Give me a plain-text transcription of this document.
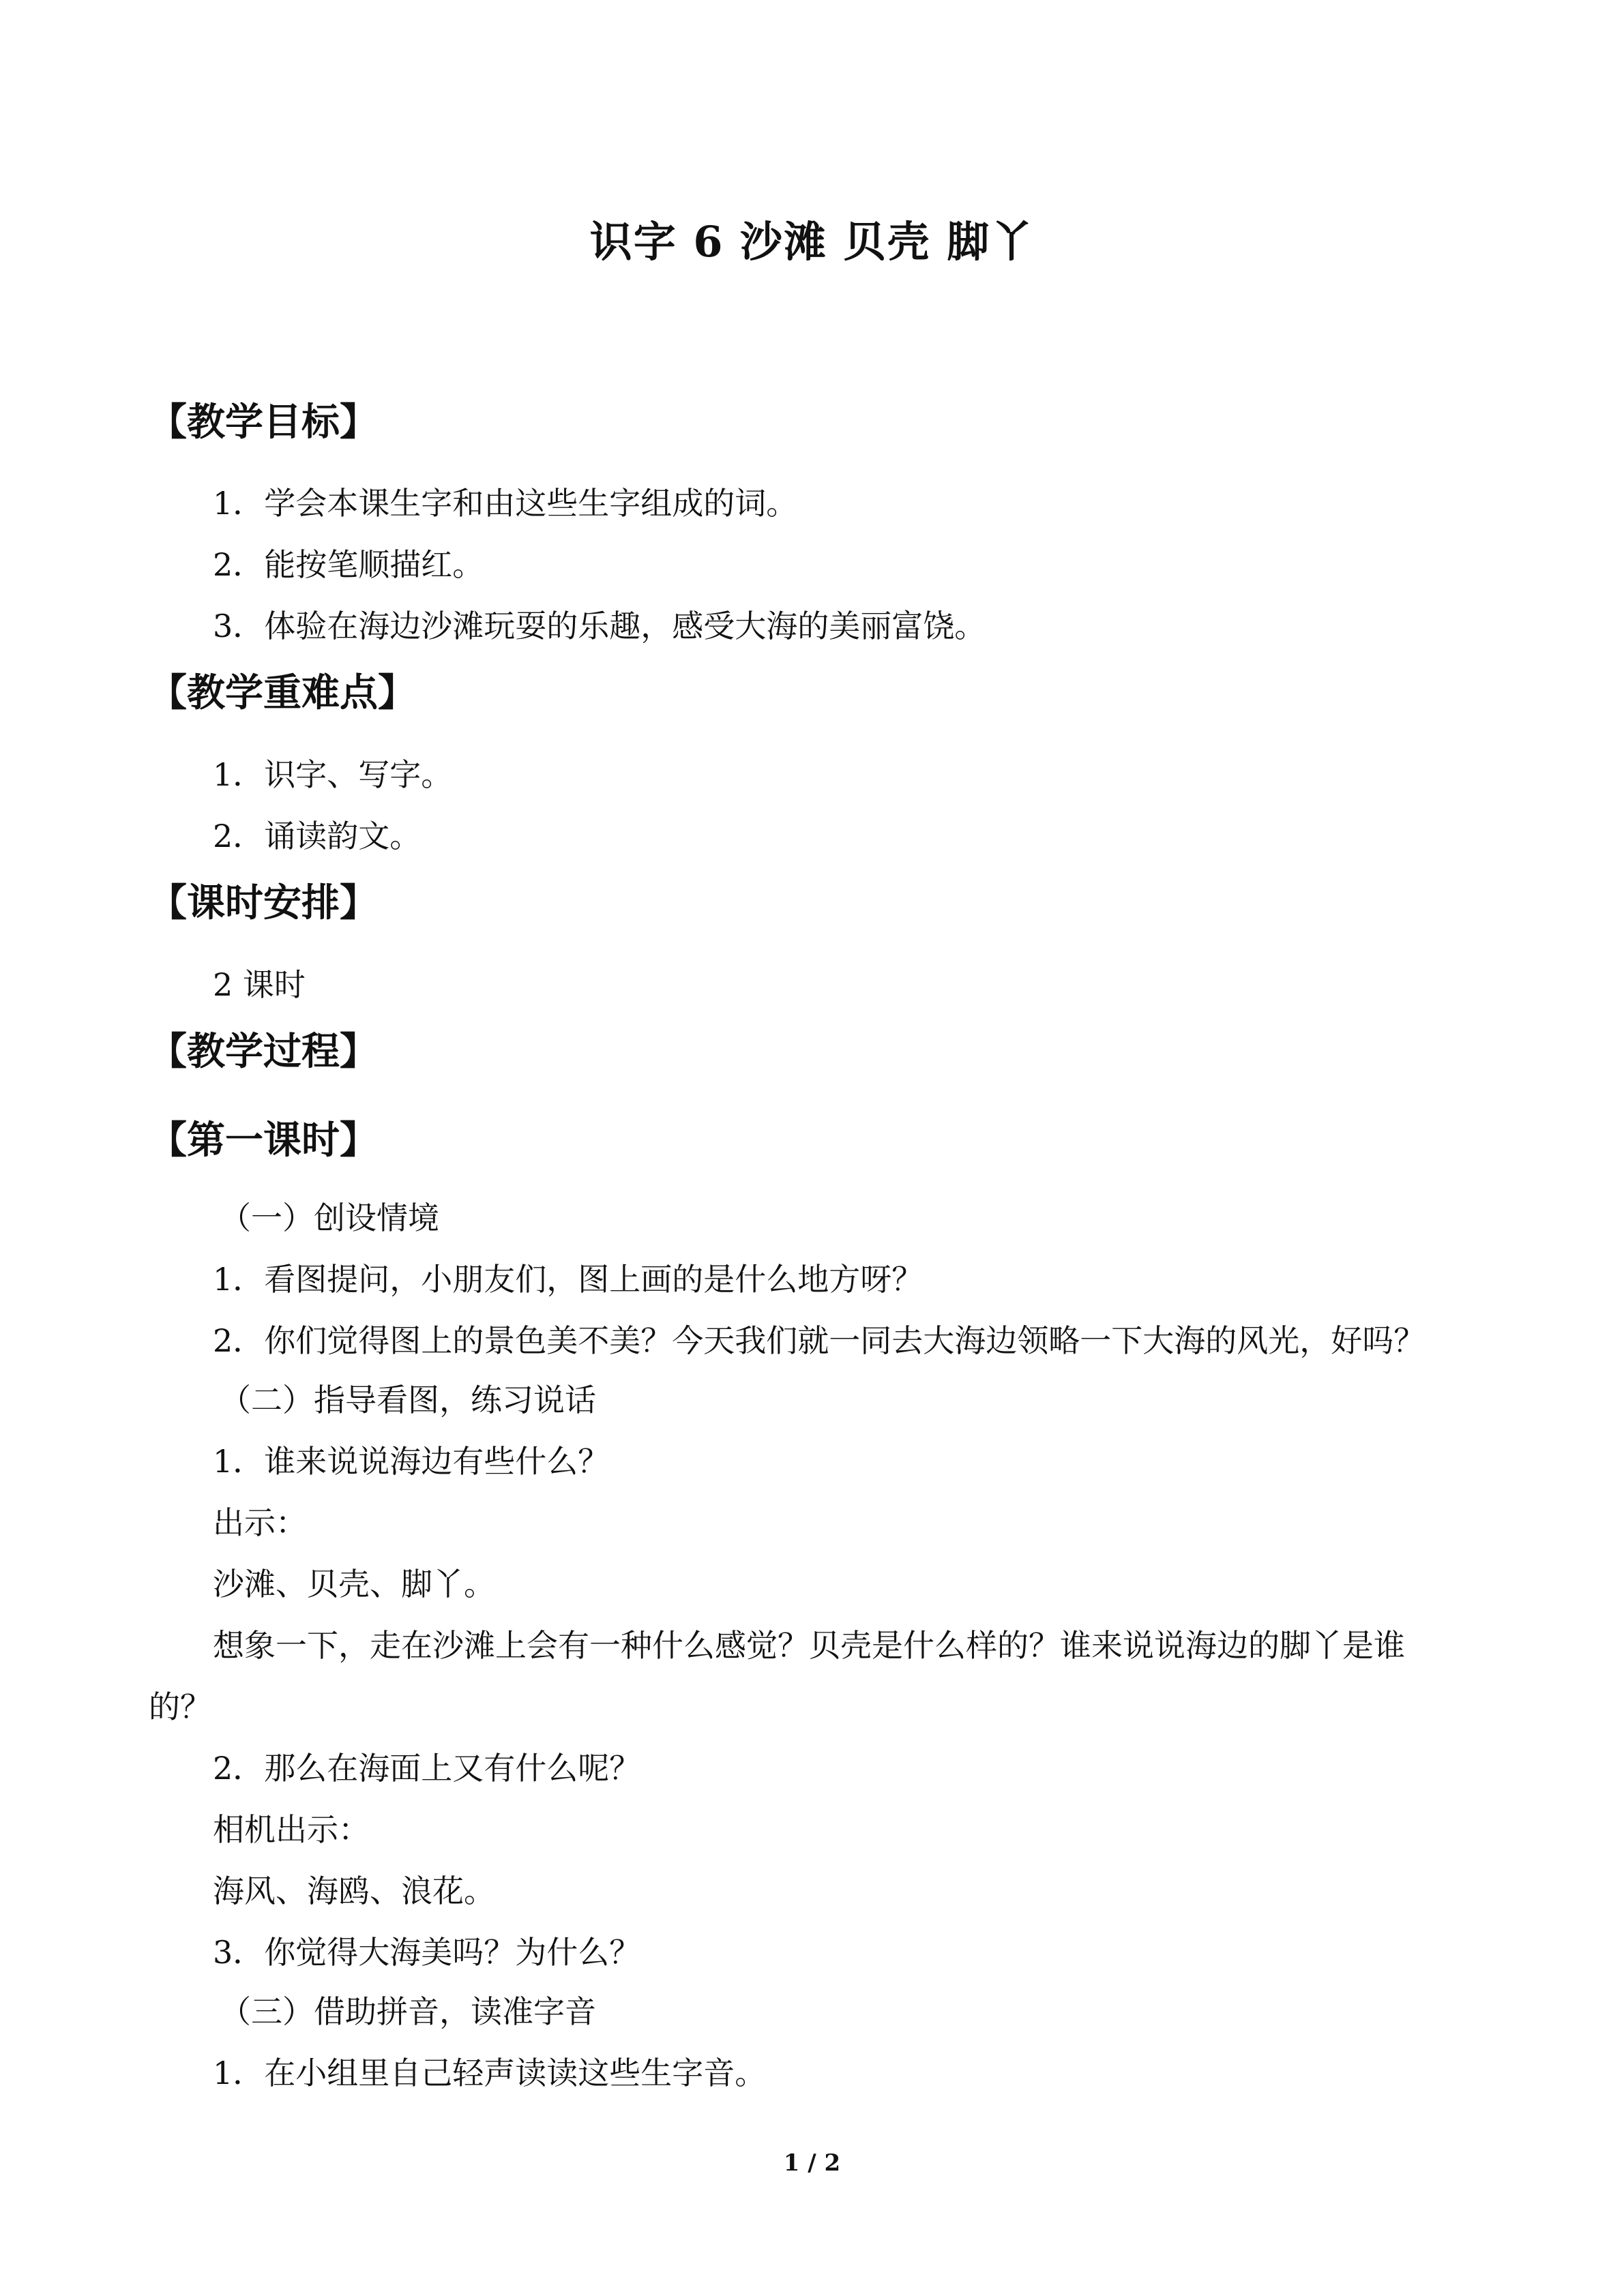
识字 6 沙滩 贝壳 脚丫
【教学目标】
1．学会本课生字和由这些生字组成的词。
2．能按笔顺描红。
3．体验在海边沙滩玩耍的乐趣，感受大海的美丽富饶。
【教学重难点】
1．识字、写字。
2．诵读韵文。
【课时安排】
2 课时
【教学过程】
【第一课时】
（一）创设情境
1．看图提问，小朋友们，图上画的是什么地方呀？
2．你们觉得图上的景色美不美？今天我们就一同去大海边领略一下大海的风光，好吗？
（二）指导看图，练习说话
1．谁来说说海边有些什么？
出示：
沙滩、贝壳、脚丫。
想象一下，走在沙滩上会有一种什么感觉？贝壳是什么样的？谁来说说海边的脚丫是谁
的？
2．那么在海面上又有什么呢？
相机出示：
海风、海鸥、浪花。
3．你觉得大海美吗？为什么？
（三）借助拼音，读准字音
1．在小组里自己轻声读读这些生字音。
1 / 2
